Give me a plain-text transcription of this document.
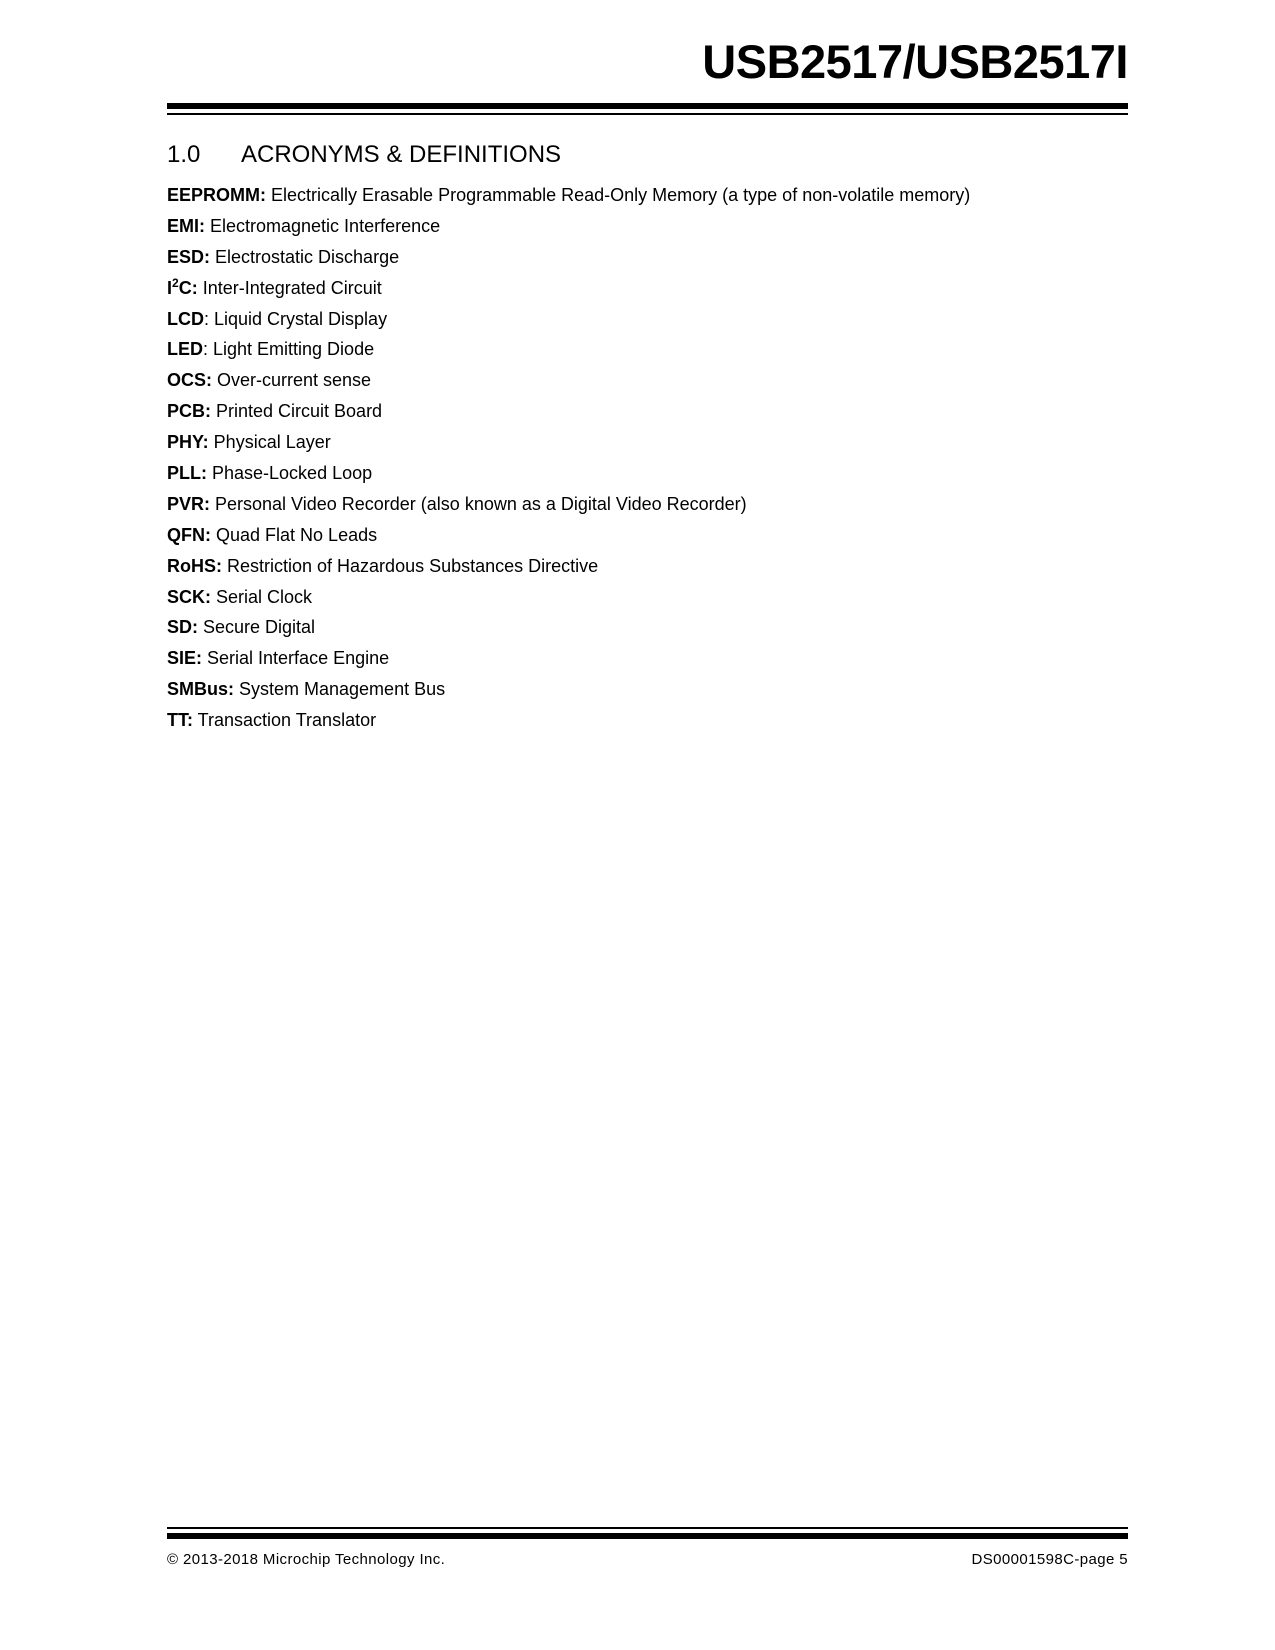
USB2517/USB2517I
1.0 ACRONYMS & DEFINITIONS
EEPROMM: Electrically Erasable Programmable Read-Only Memory (a type of non-volatile memory)
EMI: Electromagnetic Interference
ESD: Electrostatic Discharge
$I^2C$: Inter-Integrated Circuit
LCD: Liquid Crystal Display
LED: Light Emitting Diode
OCS: Over-current sense
PCB: Printed Circuit Board
PHY: Physical Layer
PLL: Phase-Locked Loop
PVR: Personal Video Recorder (also known as a Digital Video Recorder)
QFN: Quad Flat No Leads
RoHS: Restriction of Hazardous Substances Directive
SCK: Serial Clock
SD: Secure Digital
SIE: Serial Interface Engine
SMBus: System Management Bus
TT: Transaction Translator
© 2013-2018 Microchip Technology Inc.	DS00001598C-page 5
